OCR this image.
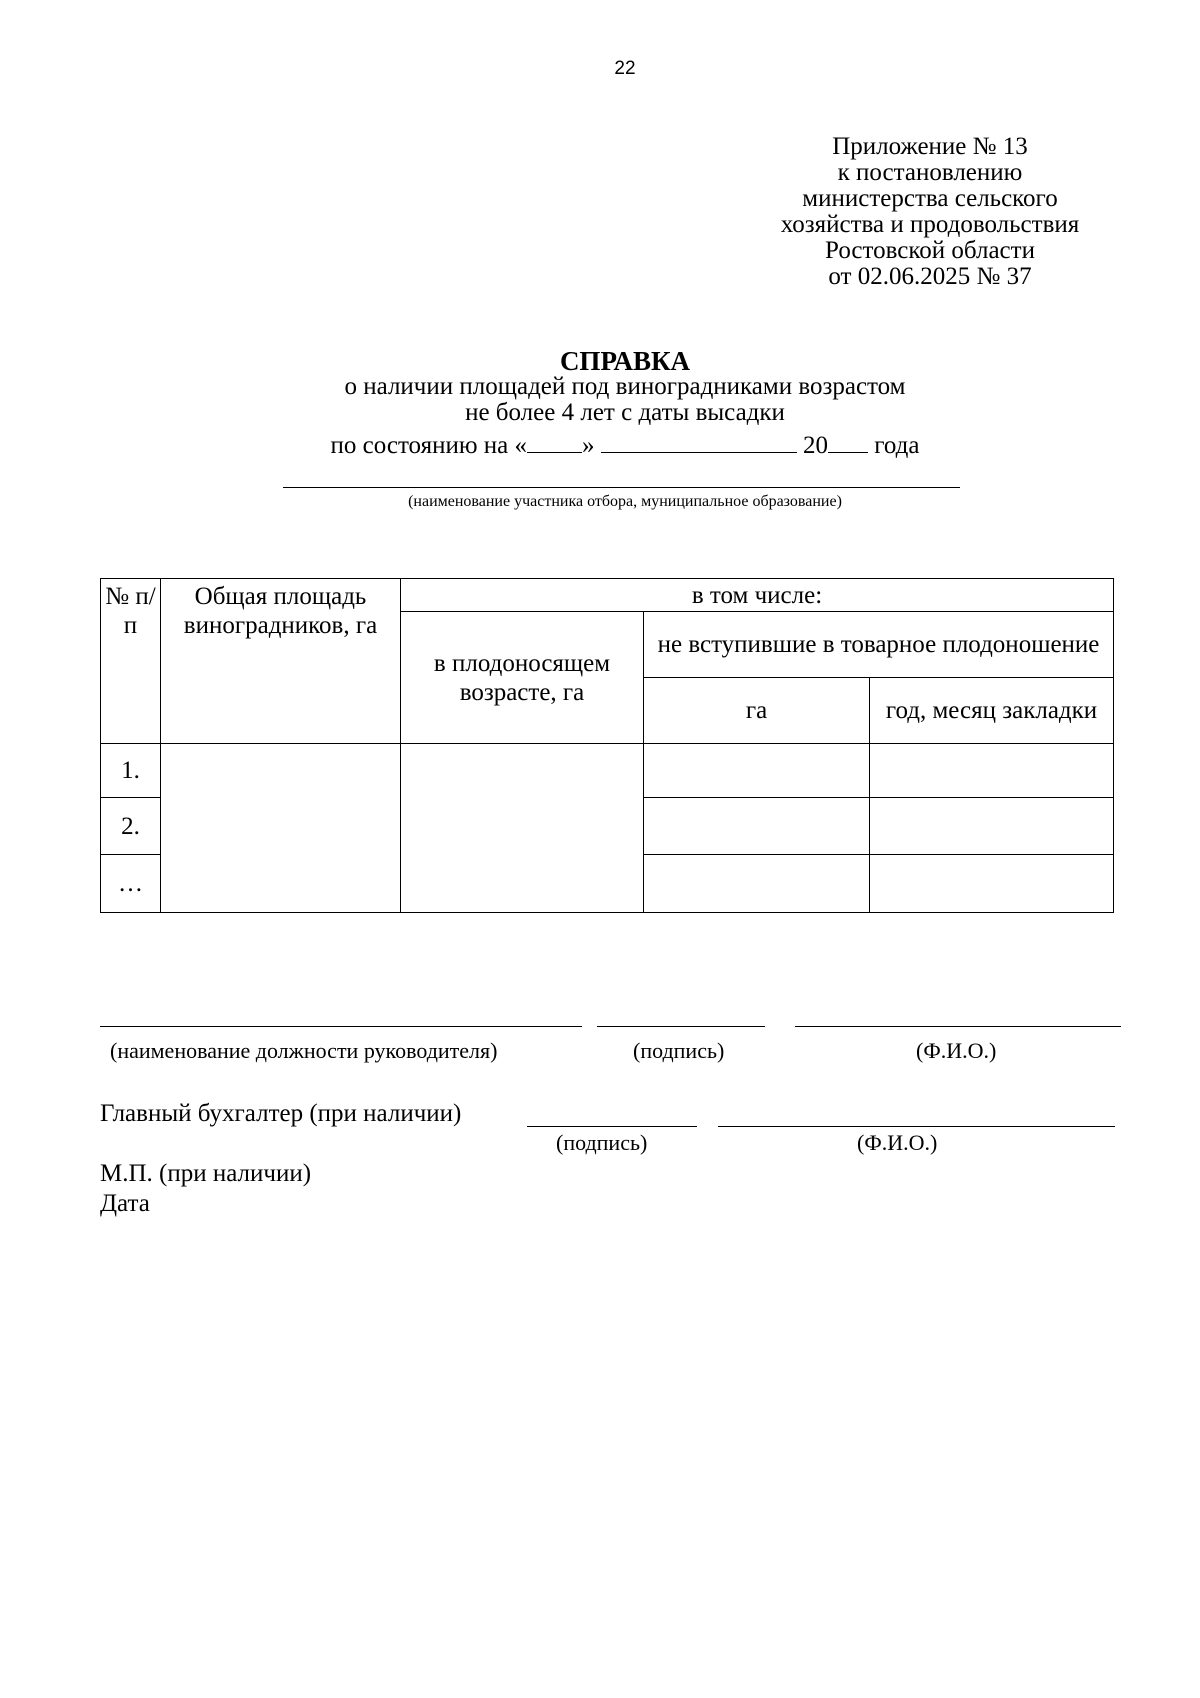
22
Приложение № 13
к постановлению
министерства сельского
хозяйства и продовольствия
Ростовской области
от 02.06.2025 № 37
СПРАВКА
о наличии площадей под виноградниками возрастом
не более 4 лет с даты высадки
по состоянию на « »	20 года
(наименование участника отбора, муниципальное образование)
№ п/п	Общая площадь виноградников, га	в том числе:		
		в плодоносящем возрасте, га	не вступившие в товарное плодоношение	
			га	год, месяц закладки
1.				
2.				
…				
(наименование должности руководителя)	(подпись)	(Ф.И.О.)
Главный бухгалтер (при наличии)
(подпись)	(Ф.И.О.)
М.П. (при наличии)
Дата
